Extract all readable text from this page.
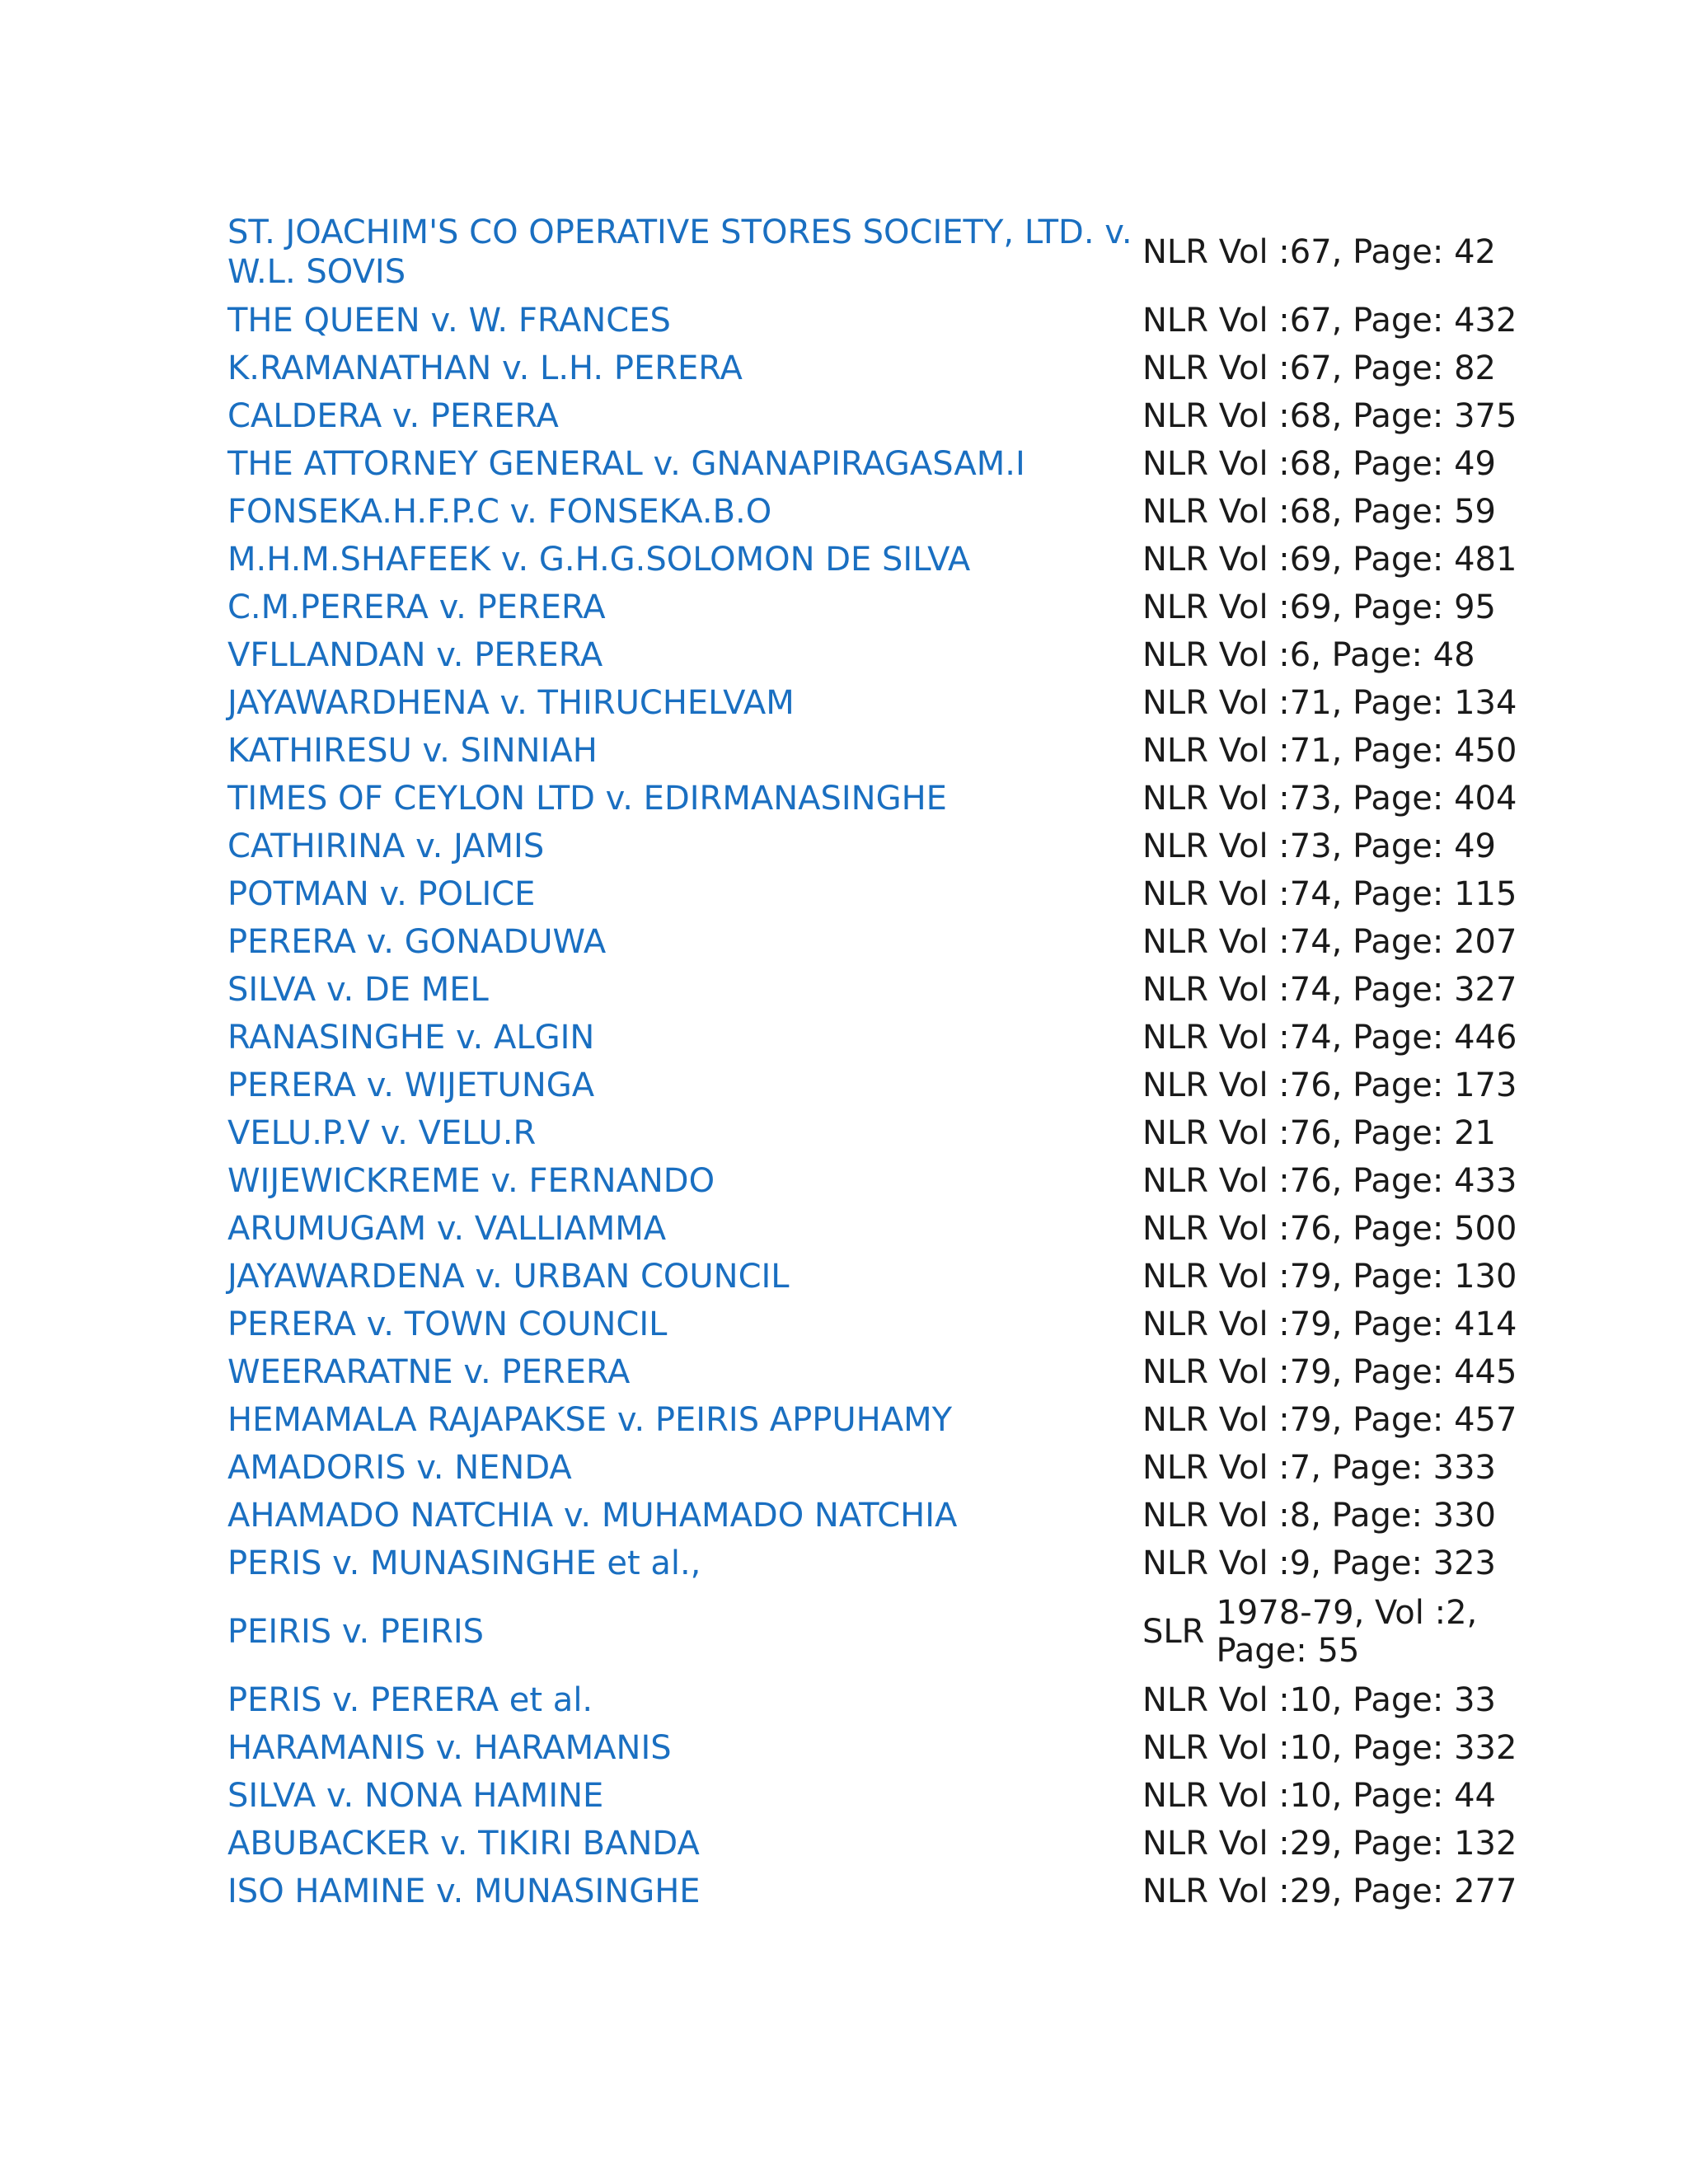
ST. JOACHIM'S CO OPERATIVE STORES SOCIETY, LTD. v. W.L. SOVIS	NLR Vol :67, Page: 42
THE QUEEN v. W. FRANCES	NLR Vol :67, Page: 432
K.RAMANATHAN v. L.H. PERERA	NLR Vol :67, Page: 82
CALDERA v. PERERA	NLR Vol :68, Page: 375
THE ATTORNEY GENERAL v. GNANAPIRAGASAM.I	NLR Vol :68, Page: 49
FONSEKA.H.F.P.C v. FONSEKA.B.O	NLR Vol :68, Page: 59
M.H.M.SHAFEEK v. G.H.G.SOLOMON DE SILVA	NLR Vol :69, Page: 481
C.M.PERERA v. PERERA	NLR Vol :69, Page: 95
VFLLANDAN v. PERERA	NLR Vol :6, Page: 48
JAYAWARDHENA v. THIRUCHELVAM	NLR Vol :71, Page: 134
KATHIRESU v. SINNIAH	NLR Vol :71, Page: 450
TIMES OF CEYLON LTD v. EDIRMANASINGHE	NLR Vol :73, Page: 404
CATHIRINA v. JAMIS	NLR Vol :73, Page: 49
POTMAN v. POLICE	NLR Vol :74, Page: 115
PERERA v. GONADUWA	NLR Vol :74, Page: 207
SILVA v. DE MEL	NLR Vol :74, Page: 327
RANASINGHE v. ALGIN	NLR Vol :74, Page: 446
PERERA v. WIJETUNGA	NLR Vol :76, Page: 173
VELU.P.V v. VELU.R	NLR Vol :76, Page: 21
WIJEWICKREME v. FERNANDO	NLR Vol :76, Page: 433
ARUMUGAM v. VALLIAMMA	NLR Vol :76, Page: 500
JAYAWARDENA v. URBAN COUNCIL	NLR Vol :79, Page: 130
PERERA v. TOWN COUNCIL	NLR Vol :79, Page: 414
WEERARATNE v. PERERA	NLR Vol :79, Page: 445
HEMAMALA RAJAPAKSE v. PEIRIS APPUHAMY	NLR Vol :79, Page: 457
AMADORIS v. NENDA	NLR Vol :7, Page: 333
AHAMADO NATCHIA v. MUHAMADO NATCHIA	NLR Vol :8, Page: 330
PERIS v. MUNASINGHE et al.,	NLR Vol :9, Page: 323
PEIRIS v. PEIRIS	SLR 1978-79, Vol :2, Page: 55

PERIS v. PERERA et al.	NLR Vol :10, Page: 33
HARAMANIS v. HARAMANIS	NLR Vol :10, Page: 332
SILVA v. NONA HAMINE	NLR Vol :10, Page: 44
ABUBACKER v. TIKIRI BANDA	NLR Vol :29, Page: 132
ISO HAMINE v. MUNASINGHE	NLR Vol :29, Page: 277
